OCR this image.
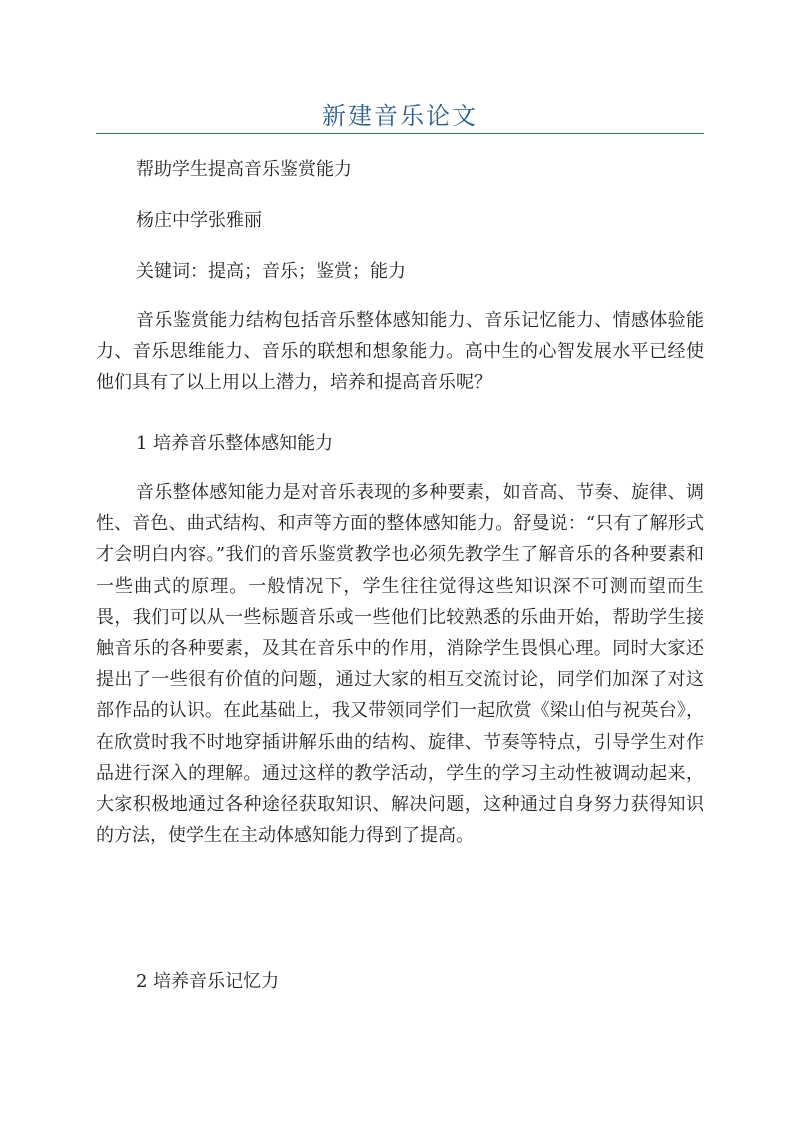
新建音乐论文

帮助学生提高音乐鉴赏能力

杨庄中学张雅丽

关键词：提高；音乐；鉴赏；能力

音乐鉴赏能力结构包括音乐整体感知能力、音乐记忆能力、情感体验能力、音乐思维能力、音乐的联想和想象能力。高中生的心智发展水平已经使他们具有了以上用以上潜力，培养和提高音乐呢？

1 培养音乐整体感知能力

音乐整体感知能力是对音乐表现的多种要素，如音高、节奏、旋律、调性、音色、曲式结构、和声等方面的整体感知能力。舒曼说：“只有了解形式才会明白内容。”我们的音乐鉴赏教学也必须先教学生了解音乐的各种要素和一些曲式的原理。一般情况下，学生往往觉得这些知识深不可测而望而生畏，我们可以从一些标题音乐或一些他们比较熟悉的乐曲开始，帮助学生接触音乐的各种要素，及其在音乐中的作用，消除学生畏惧心理。同时大家还提出了一些很有价值的问题，通过大家的相互交流讨论，同学们加深了对这部作品的认识。在此基础上，我又带领同学们一起欣赏《梁山伯与祝英台》，在欣赏时我不时地穿插讲解乐曲的结构、旋律、节奏等特点，引导学生对作品进行深入的理解。通过这样的教学活动，学生的学习主动性被调动起来，大家积极地通过各种途径获取知识、解决问题，这种通过自身努力获得知识的方法，使学生在主动体感知能力得到了提高。

2 培养音乐记忆力
